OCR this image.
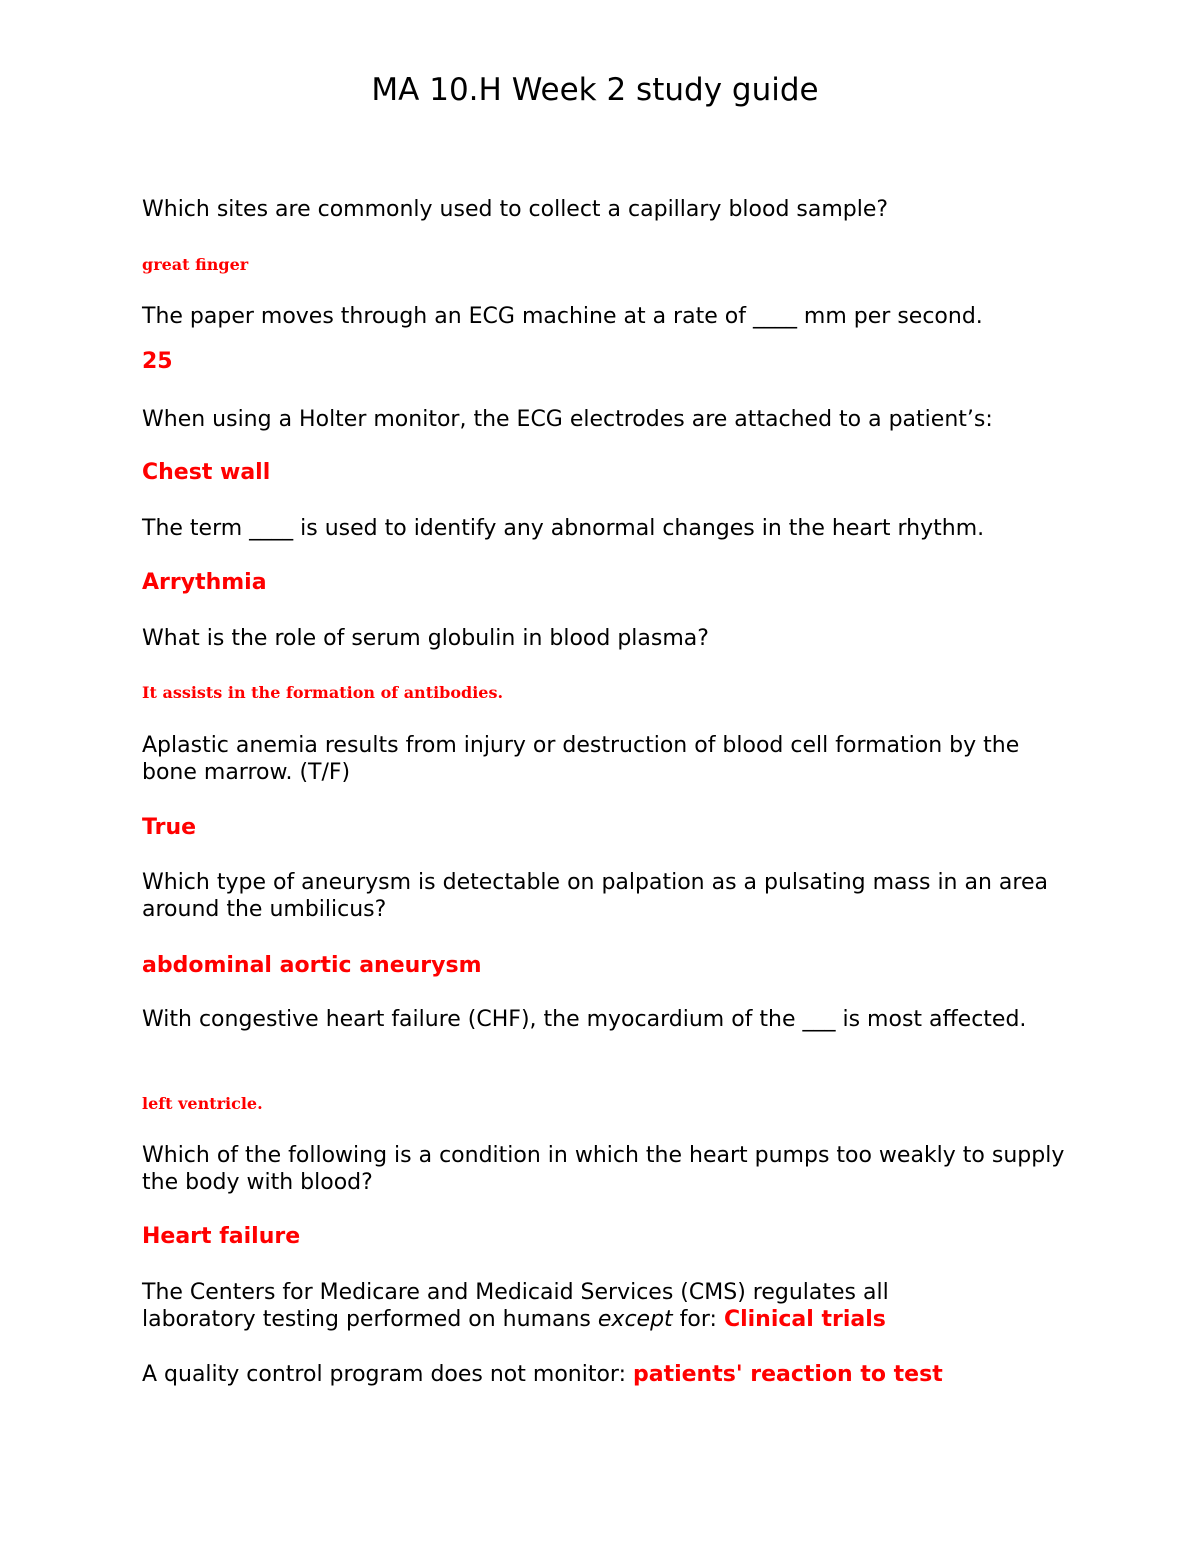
MA 10.H Week 2 study guide

Which sites are commonly used to collect a capillary blood sample?

great finger

The paper moves through an ECG machine at a rate of ____ mm per second.

25

When using a Holter monitor, the ECG electrodes are attached to a patient’s:

Chest wall

The term ____ is used to identify any abnormal changes in the heart rhythm.

Arrythmia

What is the role of serum globulin in blood plasma?

It assists in the formation of antibodies.

Aplastic anemia results from injury or destruction of blood cell formation by the bone marrow. (T/F)

True

Which type of aneurysm is detectable on palpation as a pulsating mass in an area around the umbilicus?

abdominal aortic aneurysm

With congestive heart failure (CHF), the myocardium of the ___ is most affected.

left ventricle.

Which of the following is a condition in which the heart pumps too weakly to supply the body with blood?

Heart failure

The Centers for Medicare and Medicaid Services (CMS) regulates all
laboratory testing performed on humans except for: Clinical trials

A quality control program does not monitor: patients' reaction to test
